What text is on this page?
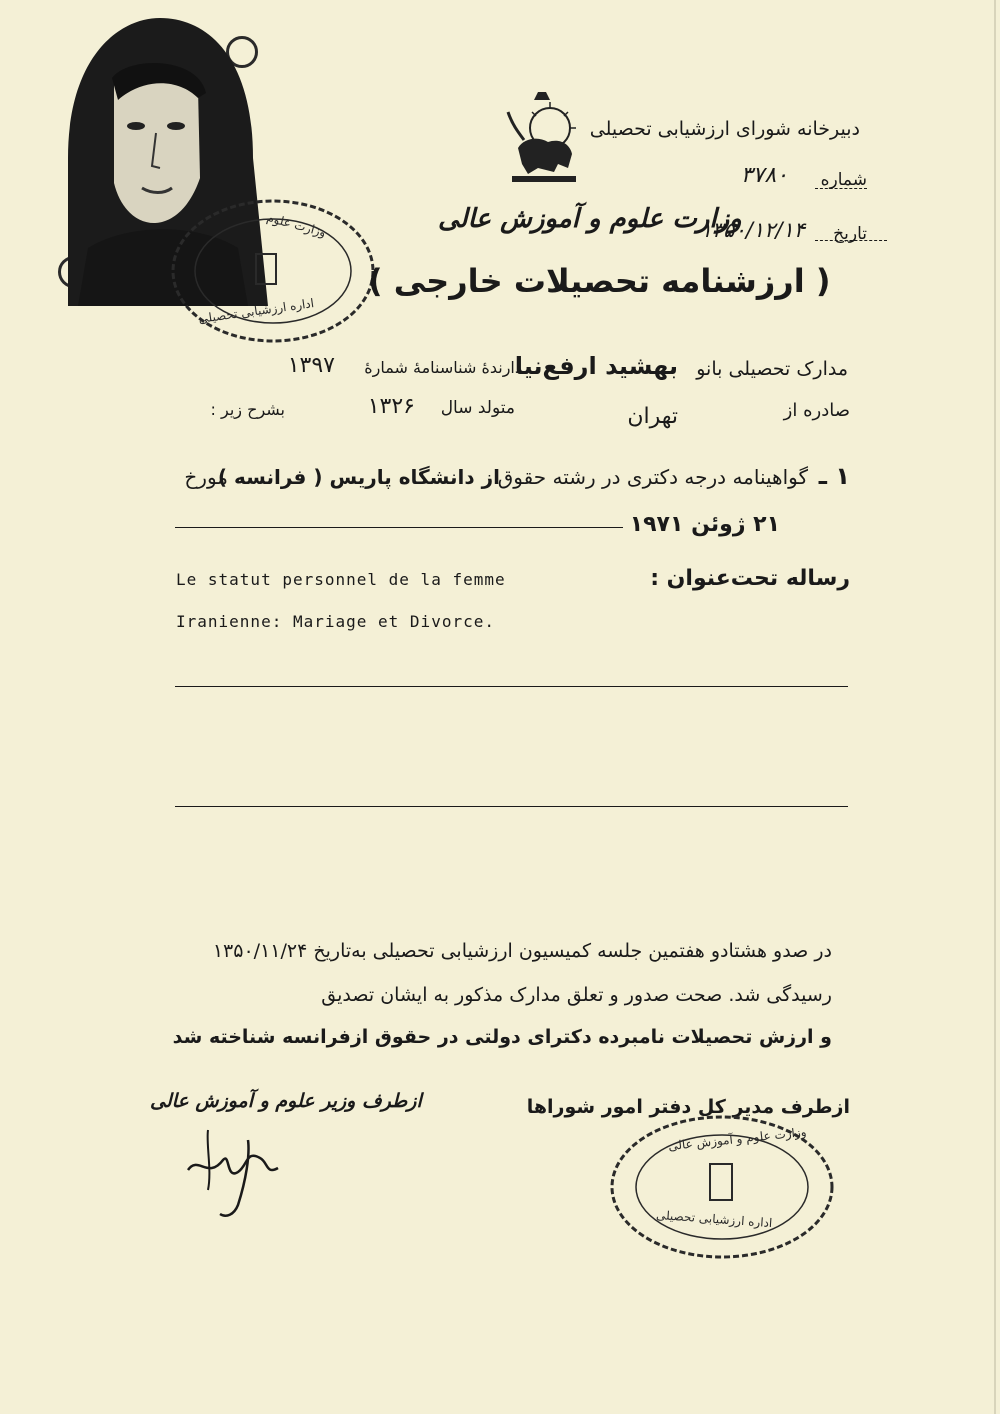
وزارت علوم
اداره ارزشیابی تحصیلی
دبیرخانه شورای ارزشیابی تحصیلی
شماره
۳۷۸۰
تاریخ
۱۳۵۰/۱۲/۱۴
وزارت علوم و آموزش عالی
( ارزشنامه تحصیلات خارجی )
مدارک تحصیلی بانو
بهشید ارفع‌نیا
دارندهٔ شناسنامهٔ شمارهٔ
۱۳۹۷
صادره از
تهران
متولد سال
۱۳۲۶
بشرح زیر :
۱ ـ
گواهینامه درجه دکتری در رشته حقوق
از دانشگاه پاریس ( فرانسه )
مورخ
۲۱ ژوئن ۱۹۷۱
رساله تحت‌عنوان :
Le statut personnel de la femme
Iranienne: Mariage et Divorce.
در صدو هشتادو هفتمین جلسه کمیسیون ارزشیابی تحصیلی به‌تاریخ ۱۳۵۰/۱۱/۲۴
رسیدگی شد. صحت صدور و تعلق مدارک مذکور به ایشان تصدیق
و ارزش تحصیلات نامبرده دکترای دولتی در حقوق ازفرانسه شناخته شد
ازطرف مدیر کل دفتر امور شوراها
ازطرف وزیر علوم و آموزش عالی
وزارت علوم و آموزش عالی
اداره ارزشیابی تحصیلی
